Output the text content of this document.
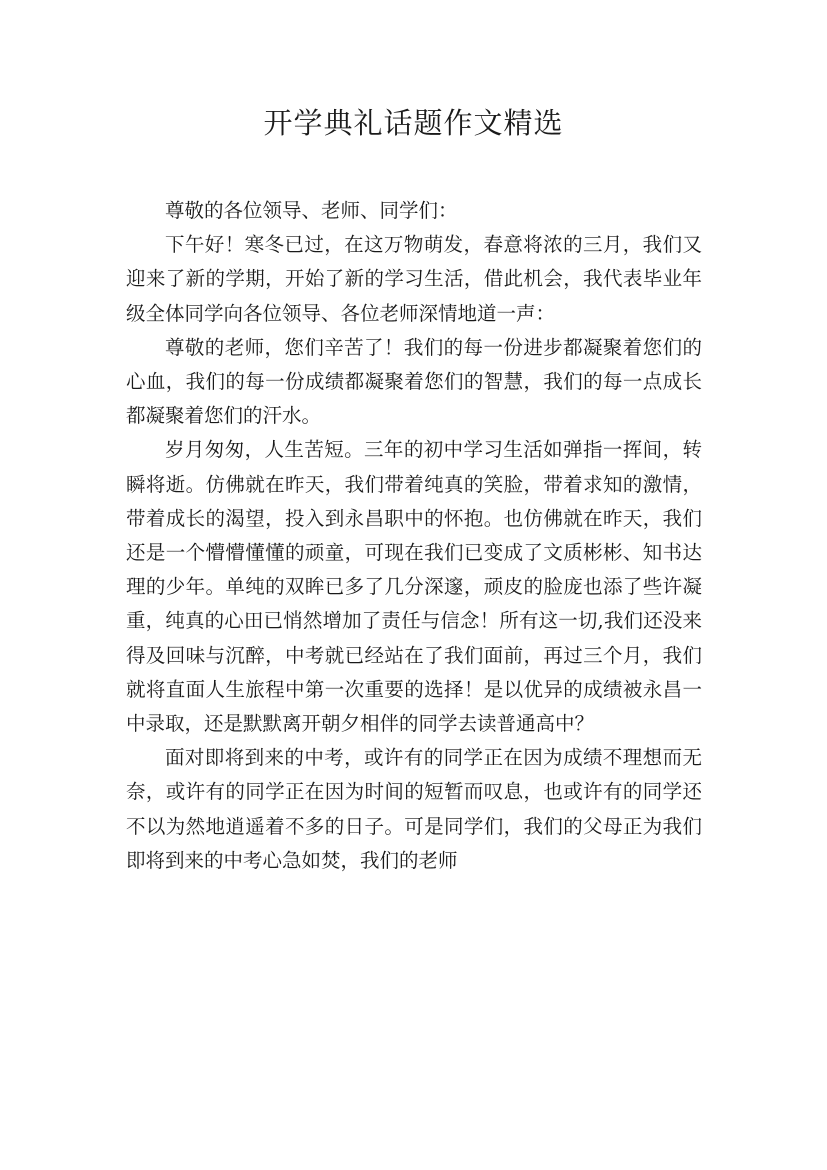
开学典礼话题作文精选

尊敬的各位领导、老师、同学们：

下午好！寒冬已过，在这万物萌发，春意将浓的三月，我们又迎来了新的学期，开始了新的学习生活，借此机会，我代表毕业年级全体同学向各位领导、各位老师深情地道一声：

尊敬的老师，您们辛苦了！我们的每一份进步都凝聚着您们的心血，我们的每一份成绩都凝聚着您们的智慧，我们的每一点成长都凝聚着您们的汗水。

岁月匆匆，人生苦短。三年的初中学习生活如弹指一挥间，转瞬将逝。仿佛就在昨天，我们带着纯真的笑脸，带着求知的激情，带着成长的渴望，投入到永昌职中的怀抱。也仿佛就在昨天，我们还是一个懵懵懂懂的顽童，可现在我们已变成了文质彬彬、知书达理的少年。单纯的双眸已多了几分深邃，顽皮的脸庞也添了些许凝重，纯真的心田已悄然增加了责任与信念！所有这一切,我们还没来得及回味与沉醉，中考就已经站在了我们面前，再过三个月，我们就将直面人生旅程中第一次重要的选择！是以优异的成绩被永昌一中录取，还是默默离开朝夕相伴的同学去读普通高中？

面对即将到来的中考，或许有的同学正在因为成绩不理想而无奈，或许有的同学正在因为时间的短暂而叹息，也或许有的同学还不以为然地逍遥着不多的日子。可是同学们，我们的父母正为我们即将到来的中考心急如焚，我们的老师
